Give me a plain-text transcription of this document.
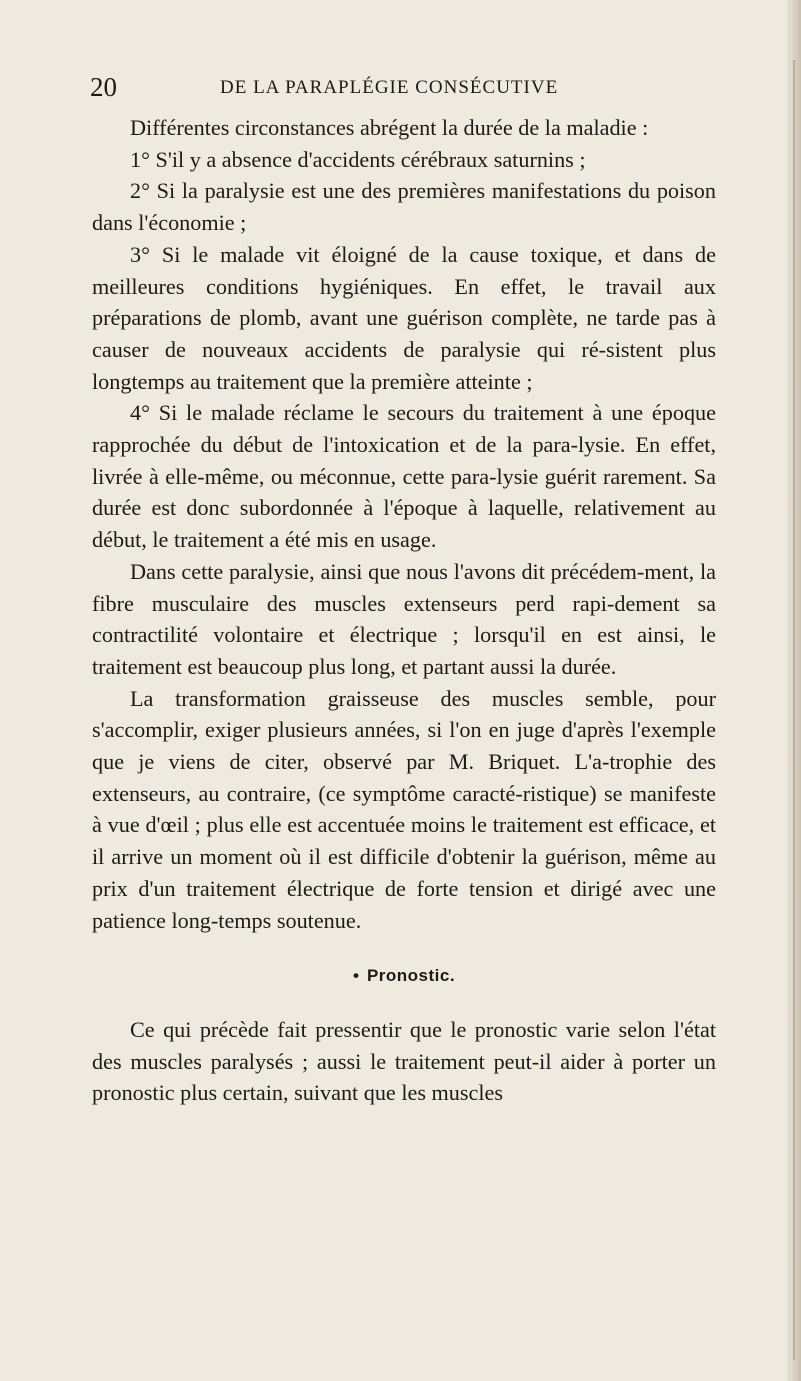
20	DE LA PARAPLÉGIE CONSÉCUTIVE

Différentes circonstances abrégent la durée de la maladie :

1° S'il y a absence d'accidents cérébraux saturnins ;

2° Si la paralysie est une des premières manifestations du poison dans l'économie ;

3° Si le malade vit éloigné de la cause toxique, et dans de meilleures conditions hygiéniques. En effet, le travail aux préparations de plomb, avant une guérison complète, ne tarde pas à causer de nouveaux accidents de paralysie qui ré-sistent plus longtemps au traitement que la première atteinte ;

4° Si le malade réclame le secours du traitement à une époque rapprochée du début de l'intoxication et de la para-lysie. En effet, livrée à elle-même, ou méconnue, cette para-lysie guérit rarement. Sa durée est donc subordonnée à l'époque à laquelle, relativement au début, le traitement a été mis en usage.

Dans cette paralysie, ainsi que nous l'avons dit précédem-ment, la fibre musculaire des muscles extenseurs perd rapi-dement sa contractilité volontaire et électrique ; lorsqu'il en est ainsi, le traitement est beaucoup plus long, et partant aussi la durée.

La transformation graisseuse des muscles semble, pour s'accomplir, exiger plusieurs années, si l'on en juge d'après l'exemple que je viens de citer, observé par M. Briquet. L'a-trophie des extenseurs, au contraire, (ce symptôme caracté-ristique) se manifeste à vue d'œil ; plus elle est accentuée moins le traitement est efficace, et il arrive un moment où il est difficile d'obtenir la guérison, même au prix d'un traitement électrique de forte tension et dirigé avec une patience long-temps soutenue.

• Pronostic.

Ce qui précède fait pressentir que le pronostic varie selon l'état des muscles paralysés ; aussi le traitement peut-il aider à porter un pronostic plus certain, suivant que les muscles
